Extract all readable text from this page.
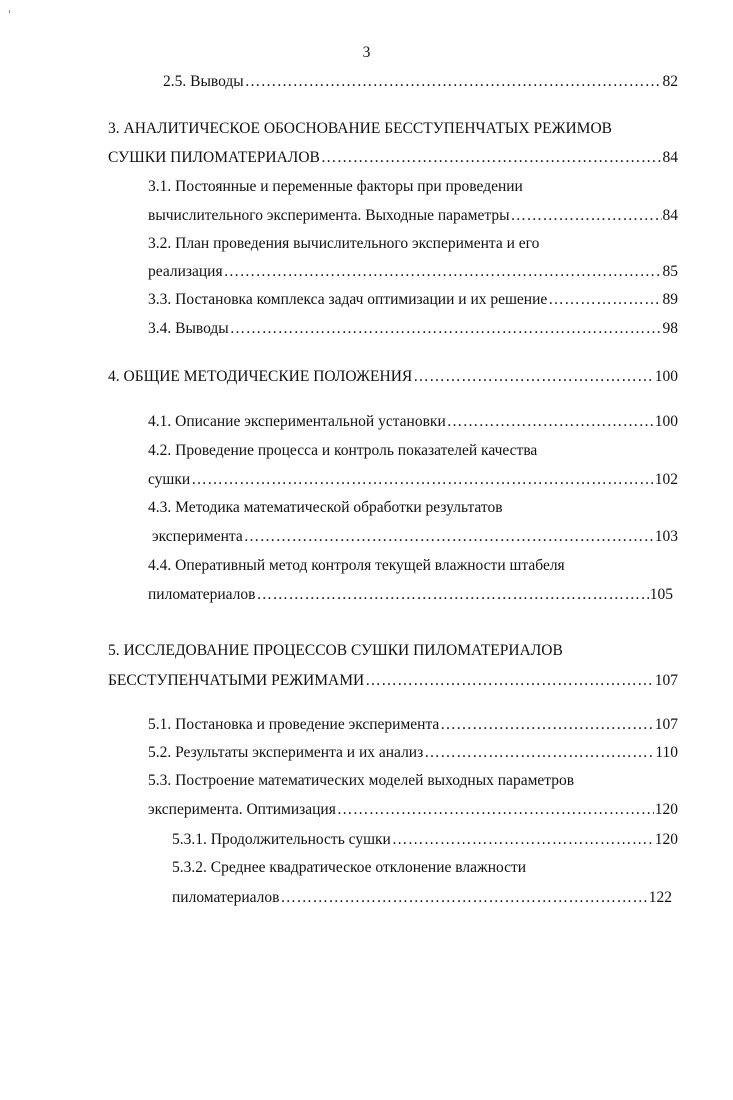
3
2.5. Выводы …………………………………………………………………………………………………………………………………………………………………………………	82
3. АНАЛИТИЧЕСКОЕ ОБОСНОВАНИЕ БЕССТУПЕНЧАТЫХ РЕЖИМОВ
СУШКИ ПИЛОМАТЕРИАЛОВ …………………………………………………………………………………………………………………………………………………………………………………	84
3.1. Постоянные и переменные факторы при проведении
вычислительного эксперимента. Выходные параметры …………………………………………………………………………………………………………………………………………………………………………………	84
3.2. План проведения вычислительного эксперимента и его
реализация …………………………………………………………………………………………………………………………………………………………………………………	85
3.3. Постановка комплекса задач оптимизации и их решение …………………………………………………………………………………………………………………………………………………………………………………	89
3.4. Выводы …………………………………………………………………………………………………………………………………………………………………………………	98
4. ОБЩИЕ МЕТОДИЧЕСКИЕ ПОЛОЖЕНИЯ …………………………………………………………………………………………………………………………………………………………………………………	100
4.1. Описание экспериментальной установки …………………………………………………………………………………………………………………………………………………………………………………	100
4.2. Проведение процесса и контроль показателей качества
сушки …………………………………………………………………………………………………………………………………………………………………………………	102
4.3. Методика математической обработки результатов
эксперимента …………………………………………………………………………………………………………………………………………………………………………………	103
4.4. Оперативный метод контроля текущей влажности штабеля
пиломатериалов …………………………………………………………………………………………………………………………………………………………………………………	105
5. ИССЛЕДОВАНИЕ ПРОЦЕССОВ СУШКИ ПИЛОМАТЕРИАЛОВ
БЕССТУПЕНЧАТЫМИ РЕЖИМАМИ …………………………………………………………………………………………………………………………………………………………………………………	107
5.1. Постановка и проведение эксперимента …………………………………………………………………………………………………………………………………………………………………………………	107
5.2. Результаты эксперимента и их анализ …………………………………………………………………………………………………………………………………………………………………………………	110
5.3. Построение математических моделей выходных параметров
эксперимента. Оптимизация …………………………………………………………………………………………………………………………………………………………………………………	120
5.3.1. Продолжительность сушки …………………………………………………………………………………………………………………………………………………………………………………	120
5.3.2. Среднее квадратическое отклонение влажности
пиломатериалов …………………………………………………………………………………………………………………………………………………………………………………	122
